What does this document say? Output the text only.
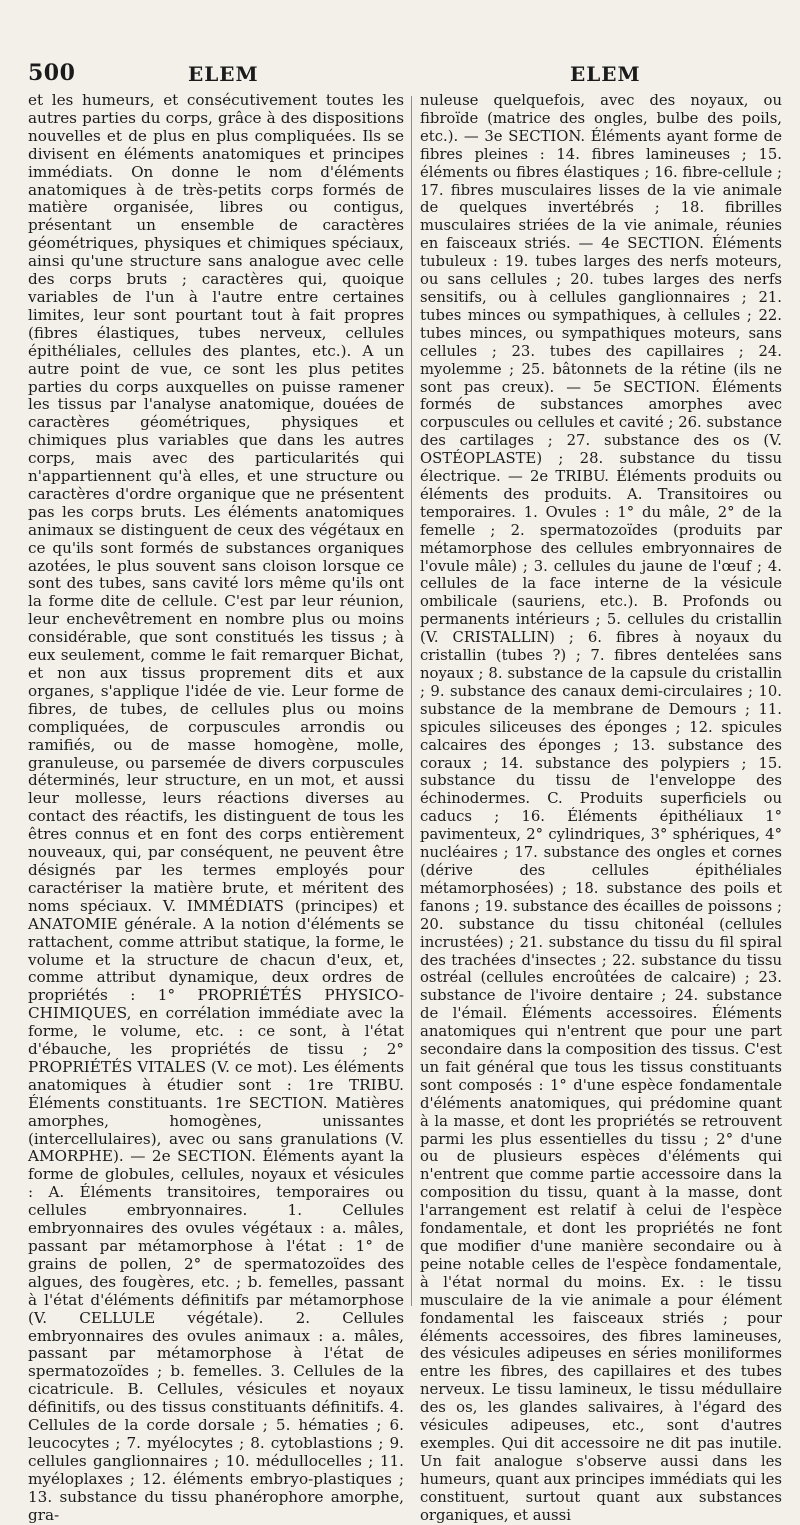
500	ELEM	ELEM

et les humeurs, et consécutivement toutes les autres parties du corps, grâce à des dispositions nouvelles et de plus en plus compliquées. Ils se divisent en éléments anatomiques et principes immédiats. On donne le nom d'éléments anatomiques à de très-petits corps formés de matière organisée, libres ou contigus, présentant un ensemble de caractères géométriques, physiques et chimiques spéciaux, ainsi qu'une structure sans analogue avec celle des corps bruts ; caractères qui, quoique variables de l'un à l'autre entre certaines limites, leur sont pourtant tout à fait propres (fibres élastiques, tubes nerveux, cellules épithéliales, cellules des plantes, etc.). A un autre point de vue, ce sont les plus petites parties du corps auxquelles on puisse ramener les tissus par l'analyse anatomique, douées de caractères géométriques, physiques et chimiques plus variables que dans les autres corps, mais avec des particularités qui n'appartiennent qu'à elles, et une structure ou caractères d'ordre organique que ne présentent pas les corps bruts. Les éléments anatomiques animaux se distinguent de ceux des végétaux en ce qu'ils sont formés de substances organiques azotées, le plus souvent sans cloison lorsque ce sont des tubes, sans cavité lors même qu'ils ont la forme dite de cellule. C'est par leur réunion, leur enchevêtrement en nombre plus ou moins considérable, que sont constitués les tissus ; à eux seulement, comme le fait remarquer Bichat, et non aux tissus proprement dits et aux organes, s'applique l'idée de vie. Leur forme de fibres, de tubes, de cellules plus ou moins compliquées, de corpuscules arrondis ou ramifiés, ou de masse homogène, molle, granuleuse, ou parsemée de divers corpuscules déterminés, leur structure, en un mot, et aussi leur mollesse, leurs réactions diverses au contact des réactifs, les distinguent de tous les êtres connus et en font des corps entièrement nouveaux, qui, par conséquent, ne peuvent être désignés par les termes employés pour caractériser la matière brute, et méritent des noms spéciaux. V. IMMÉDIATS (principes) et ANATOMIE générale. A la notion d'éléments se rattachent, comme attribut statique, la forme, le volume et la structure de chacun d'eux, et, comme attribut dynamique, deux ordres de propriétés : 1° PROPRIÉTÉS PHYSICO-CHIMIQUES, en corrélation immédiate avec la forme, le volume, etc. : ce sont, à l'état d'ébauche, les propriétés de tissu ; 2° PROPRIÉTÉS VITALES (V. ce mot). Les éléments anatomiques à étudier sont : 1re TRIBU. Éléments constituants. 1re SECTION. Matières amorphes, homogènes, unissantes (intercellulaires), avec ou sans granulations (V. AMORPHE). — 2e SECTION. Éléments ayant la forme de globules, cellules, noyaux et vésicules : A. Éléments transitoires, temporaires ou cellules embryonnaires. 1. Cellules embryonnaires des ovules végétaux : a. mâles, passant par métamorphose à l'état : 1° de grains de pollen, 2° de spermatozoïdes des algues, des fougères, etc. ; b. femelles, passant à l'état d'éléments définitifs par métamorphose (V. CELLULE végétale). 2. Cellules embryonnaires des ovules animaux : a. mâles, passant par métamorphose à l'état de spermatozoïdes ; b. femelles. 3. Cellules de la cicatricule. B. Cellules, vésicules et noyaux définitifs, ou des tissus constituants définitifs. 4. Cellules de la corde dorsale ; 5. hématies ; 6. leucocytes ; 7. myélocytes ; 8. cytoblastions ; 9. cellules ganglionnaires ; 10. médullocelles ; 11. myéloplaxes ; 12. éléments embryo-plastiques ; 13. substance du tissu phanérophore amorphe, gra-

nuleuse quelquefois, avec des noyaux, ou fibroïde (matrice des ongles, bulbe des poils, etc.). — 3e SECTION. Éléments ayant forme de fibres pleines : 14. fibres lamineuses ; 15. éléments ou fibres élastiques ; 16. fibre-cellule ; 17. fibres musculaires lisses de la vie animale de quelques invertébrés ; 18. fibrilles musculaires striées de la vie animale, réunies en faisceaux striés. — 4e SECTION. Éléments tubuleux : 19. tubes larges des nerfs moteurs, ou sans cellules ; 20. tubes larges des nerfs sensitifs, ou à cellules ganglionnaires ; 21. tubes minces ou sympathiques, à cellules ; 22. tubes minces, ou sympathiques moteurs, sans cellules ; 23. tubes des capillaires ; 24. myolemme ; 25. bâtonnets de la rétine (ils ne sont pas creux). — 5e SECTION. Éléments formés de substances amorphes avec corpuscules ou cellules et cavité ; 26. substance des cartilages ; 27. substance des os (V. OSTÉOPLASTE) ; 28. substance du tissu électrique. — 2e TRIBU. Éléments produits ou éléments des produits. A. Transitoires ou temporaires. 1. Ovules : 1° du mâle, 2° de la femelle ; 2. spermatozoïdes (produits par métamorphose des cellules embryonnaires de l'ovule mâle) ; 3. cellules du jaune de l'œuf ; 4. cellules de la face interne de la vésicule ombilicale (sauriens, etc.). B. Profonds ou permanents intérieurs ; 5. cellules du cristallin (V. CRISTALLIN) ; 6. fibres à noyaux du cristallin (tubes ?) ; 7. fibres dentelées sans noyaux ; 8. substance de la capsule du cristallin ; 9. substance des canaux demi-circulaires ; 10. substance de la membrane de Demours ; 11. spicules siliceuses des éponges ; 12. spicules calcaires des éponges ; 13. substance des coraux ; 14. substance des polypiers ; 15. substance du tissu de l'enveloppe des échinodermes. C. Produits superficiels ou caducs ; 16. Éléments épithéliaux 1° pavimenteux, 2° cylindriques, 3° sphériques, 4° nucléaires ; 17. substance des ongles et cornes (dérive des cellules épithéliales métamorphosées) ; 18. substance des poils et fanons ; 19. substance des écailles de poissons ; 20. substance du tissu chitonéal (cellules incrustées) ; 21. substance du tissu du fil spiral des trachées d'insectes ; 22. substance du tissu ostréal (cellules encroûtées de calcaire) ; 23. substance de l'ivoire dentaire ; 24. substance de l'émail. Éléments accessoires. Éléments anatomiques qui n'entrent que pour une part secondaire dans la composition des tissus. C'est un fait général que tous les tissus constituants sont composés : 1° d'une espèce fondamentale d'éléments anatomiques, qui prédomine quant à la masse, et dont les propriétés se retrouvent parmi les plus essentielles du tissu ; 2° d'une ou de plusieurs espèces d'éléments qui n'entrent que comme partie accessoire dans la composition du tissu, quant à la masse, dont l'arrangement est relatif à celui de l'espèce fondamentale, et dont les propriétés ne font que modifier d'une manière secondaire ou à peine notable celles de l'espèce fondamentale, à l'état normal du moins. Ex. : le tissu musculaire de la vie animale a pour élément fondamental les faisceaux striés ; pour éléments accessoires, des fibres lamineuses, des vésicules adipeuses en séries moniliformes entre les fibres, des capillaires et des tubes nerveux. Le tissu lamineux, le tissu médullaire des os, les glandes salivaires, à l'égard des vésicules adipeuses, etc., sont d'autres exemples. Qui dit accessoire ne dit pas inutile. Un fait analogue s'observe aussi dans les humeurs, quant aux principes immédiats qui les constituent, surtout quant aux substances organiques, et aussi
